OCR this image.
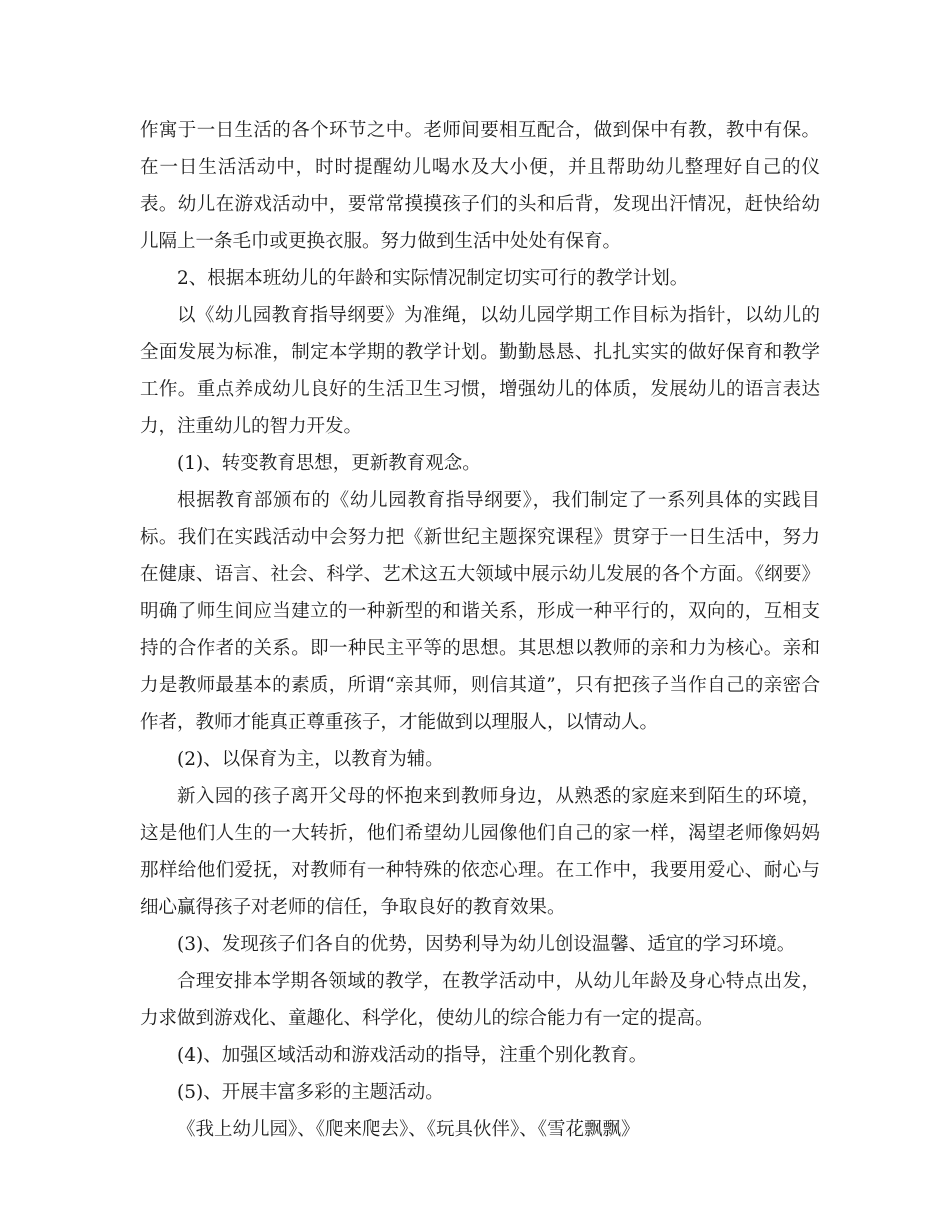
作寓于一日生活的各个环节之中。老师间要相互配合，做到保中有教，教中有保。在一日生活活动中，时时提醒幼儿喝水及大小便，并且帮助幼儿整理好自己的仪表。幼儿在游戏活动中，要常常摸摸孩子们的头和后背，发现出汗情况，赶快给幼儿隔上一条毛巾或更换衣服。努力做到生活中处处有保育。

2、根据本班幼儿的年龄和实际情况制定切实可行的教学计划。

以《幼儿园教育指导纲要》为准绳，以幼儿园学期工作目标为指针，以幼儿的全面发展为标准，制定本学期的教学计划。勤勤恳恳、扎扎实实的做好保育和教学工作。重点养成幼儿良好的生活卫生习惯，增强幼儿的体质，发展幼儿的语言表达力，注重幼儿的智力开发。

(1)、转变教育思想，更新教育观念。

根据教育部颁布的《幼儿园教育指导纲要》，我们制定了一系列具体的实践目标。我们在实践活动中会努力把《新世纪主题探究课程》贯穿于一日生活中，努力在健康、语言、社会、科学、艺术这五大领域中展示幼儿发展的各个方面。《纲要》明确了师生间应当建立的一种新型的和谐关系，形成一种平行的，双向的，互相支持的合作者的关系。即一种民主平等的思想。其思想以教师的亲和力为核心。亲和力是教师最基本的素质，所谓“亲其师，则信其道”，只有把孩子当作自己的亲密合作者，教师才能真正尊重孩子，才能做到以理服人，以情动人。

(2)、以保育为主，以教育为辅。

新入园的孩子离开父母的怀抱来到教师身边，从熟悉的家庭来到陌生的环境，这是他们人生的一大转折，他们希望幼儿园像他们自己的家一样，渴望老师像妈妈那样给他们爱抚，对教师有一种特殊的依恋心理。在工作中，我要用爱心、耐心与细心赢得孩子对老师的信任，争取良好的教育效果。

(3)、发现孩子们各自的优势，因势利导为幼儿创设温馨、适宜的学习环境。

合理安排本学期各领域的教学，在教学活动中，从幼儿年龄及身心特点出发，力求做到游戏化、童趣化、科学化，使幼儿的综合能力有一定的提高。

(4)、加强区域活动和游戏活动的指导，注重个别化教育。

(5)、开展丰富多彩的主题活动。

《我上幼儿园》、《爬来爬去》、《玩具伙伴》、《雪花飘飘》
